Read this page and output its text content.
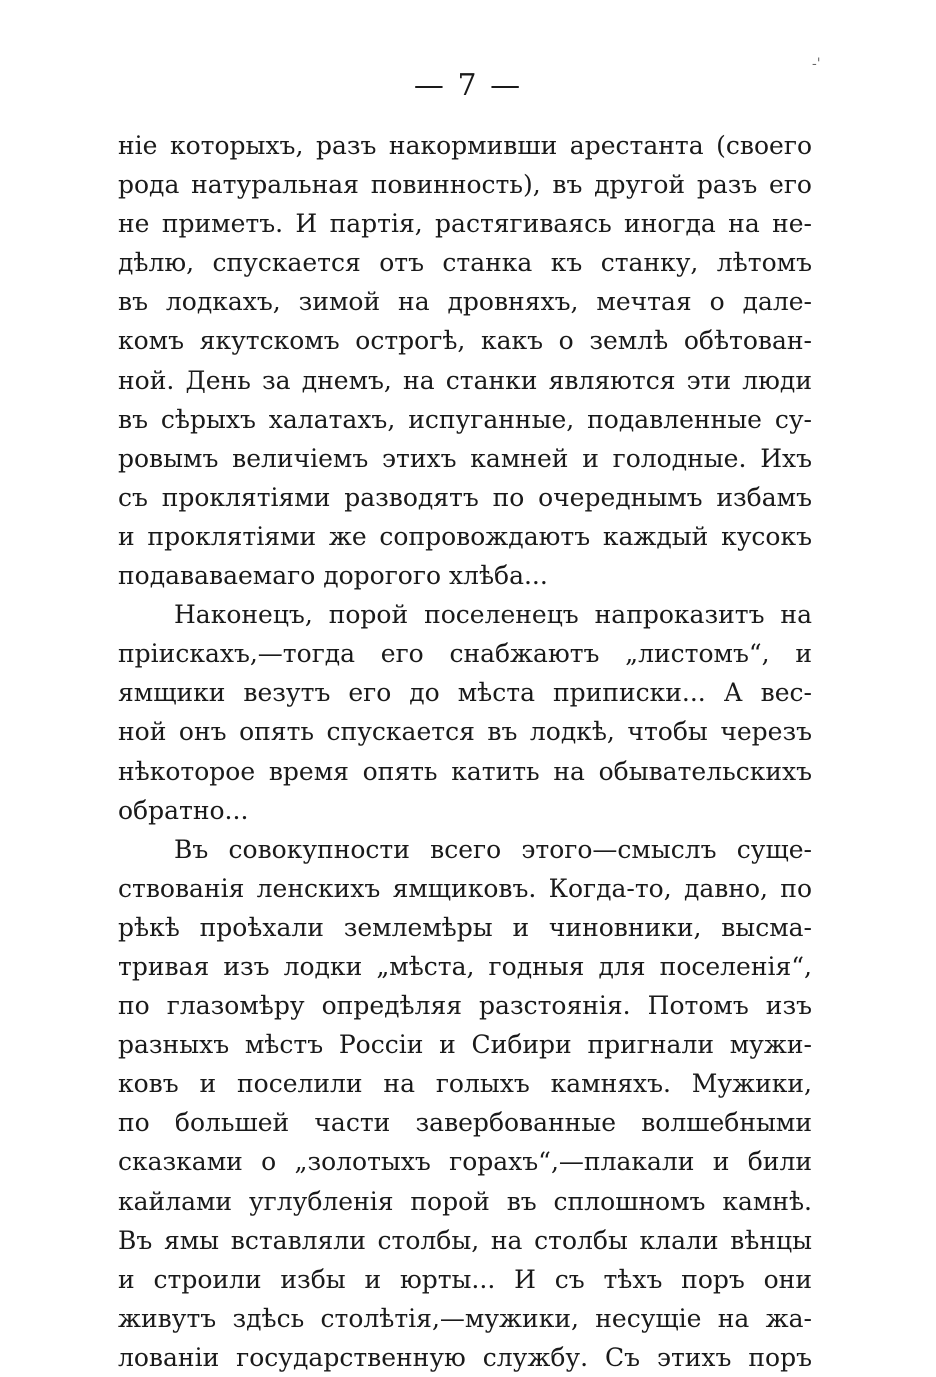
-'
— 7 —
ніе которыхъ, разъ накормивши арестанта (своего
рода натуральная повинность), въ другой разъ его
не приметъ. И партія, растягиваясь иногда на не-
дѣлю, спускается отъ станка къ станку, лѣтомъ
въ лодкахъ, зимой на дровняхъ, мечтая о дале-
комъ якутскомъ острогѣ, какъ о землѣ обѣтован-
ной. День за днемъ, на станки являются эти люди
въ сѣрыхъ халатахъ, испуганные, подавленные су-
ровымъ величіемъ этихъ камней и голодные. Ихъ
съ проклятіями разводятъ по очереднымъ избамъ
и проклятіями же сопровождаютъ каждый кусокъ
подававаемаго дорогого хлѣба...
Наконецъ, порой поселенецъ напроказитъ на
пріискахъ,—тогда его снабжаютъ „листомъ“, и
ямщики везутъ его до мѣста приписки... А вес-
ной онъ опять спускается въ лодкѣ, чтобы черезъ
нѣкоторое время опять катить на обывательскихъ
обратно...
Въ совокупности всего этого—смыслъ суще-
ствованія ленскихъ ямщиковъ. Когда-то, давно, по
рѣкѣ проѣхали землемѣры и чиновники, высма-
тривая изъ лодки „мѣста, годныя для поселенія“,
по глазомѣру опредѣляя разстоянія. Потомъ изъ
разныхъ мѣстъ Россіи и Сибири пригнали мужи-
ковъ и поселили на голыхъ камняхъ. Мужики,
по большей части завербованные волшебными
сказками о „золотыхъ горахъ“,—плакали и били
кайлами углубленія порой въ сплошномъ камнѣ.
Въ ямы вставляли столбы, на столбы клали вѣнцы
и строили избы и юрты... И съ тѣхъ поръ они
живутъ здѣсь столѣтія,—мужики, несущіе на жа-
лованіи государственную службу. Съ этихъ поръ
